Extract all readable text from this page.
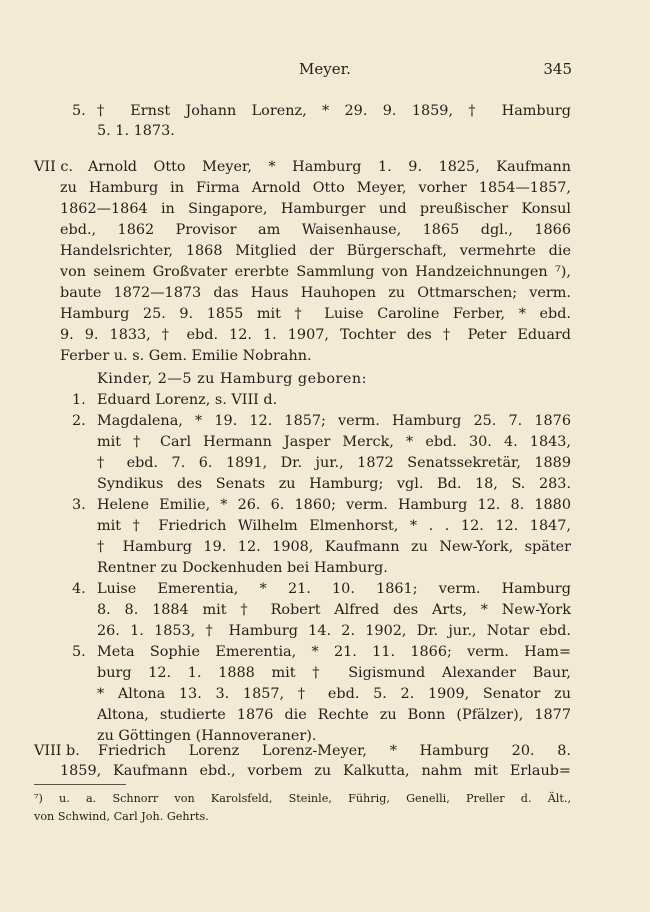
Meyer.	345
5. † Ernst Johann Lorenz, * 29. 9. 1859, † Hamburg
5. 1. 1873.
VII c. Arnold Otto Meyer, * Hamburg 1. 9. 1825, Kaufmann
zu Hamburg in Firma Arnold Otto Meyer, vorher 1854—1857,
1862—1864 in Singapore, Hamburger und preußischer Konsul
ebd., 1862 Provisor am Waisenhause, 1865 dgl., 1866
Handelsrichter, 1868 Mitglied der Bürgerschaft, vermehrte die
von seinem Großvater ererbte Sammlung von Handzeichnungen ⁷),
baute 1872—1873 das Haus Hauhopen zu Ottmarschen; verm.
Hamburg 25. 9. 1855 mit † Luise Caroline Ferber, * ebd.
9. 9. 1833, † ebd. 12. 1. 1907, Tochter des † Peter Eduard
Ferber u. s. Gem. Emilie Nobrahn.
Kinder, 2—5 zu Hamburg geboren:
1. Eduard Lorenz, s. VIII d.
2. Magdalena, * 19. 12. 1857; verm. Hamburg 25. 7. 1876
mit † Carl Hermann Jasper Merck, * ebd. 30. 4. 1843,
† ebd. 7. 6. 1891, Dr. jur., 1872 Senatssekretär, 1889
Syndikus des Senats zu Hamburg; vgl. Bd. 18, S. 283.
3. Helene Emilie, * 26. 6. 1860; verm. Hamburg 12. 8. 1880
mit † Friedrich Wilhelm Elmenhorst, * . . 12. 12. 1847,
† Hamburg 19. 12. 1908, Kaufmann zu New-York, später
Rentner zu Dockenhuden bei Hamburg.
4. Luise Emerentia, * 21. 10. 1861; verm. Hamburg
8. 8. 1884 mit † Robert Alfred des Arts, * New-York
26. 1. 1853, † Hamburg 14. 2. 1902, Dr. jur., Notar ebd.
5. Meta Sophie Emerentia, * 21. 11. 1866; verm. Ham=
burg 12. 1. 1888 mit † Sigismund Alexander Baur,
* Altona 13. 3. 1857, † ebd. 5. 2. 1909, Senator zu
Altona, studierte 1876 die Rechte zu Bonn (Pfälzer), 1877
zu Göttingen (Hannoveraner).
VIII b. Friedrich Lorenz Lorenz-Meyer, * Hamburg 20. 8.
1859, Kaufmann ebd., vorbem zu Kalkutta, nahm mit Erlaub=
⁷) u. a. Schnorr von Karolsfeld, Steinle, Führig, Genelli, Preller d. Ält.,
von Schwind, Carl Joh. Gehrts.
